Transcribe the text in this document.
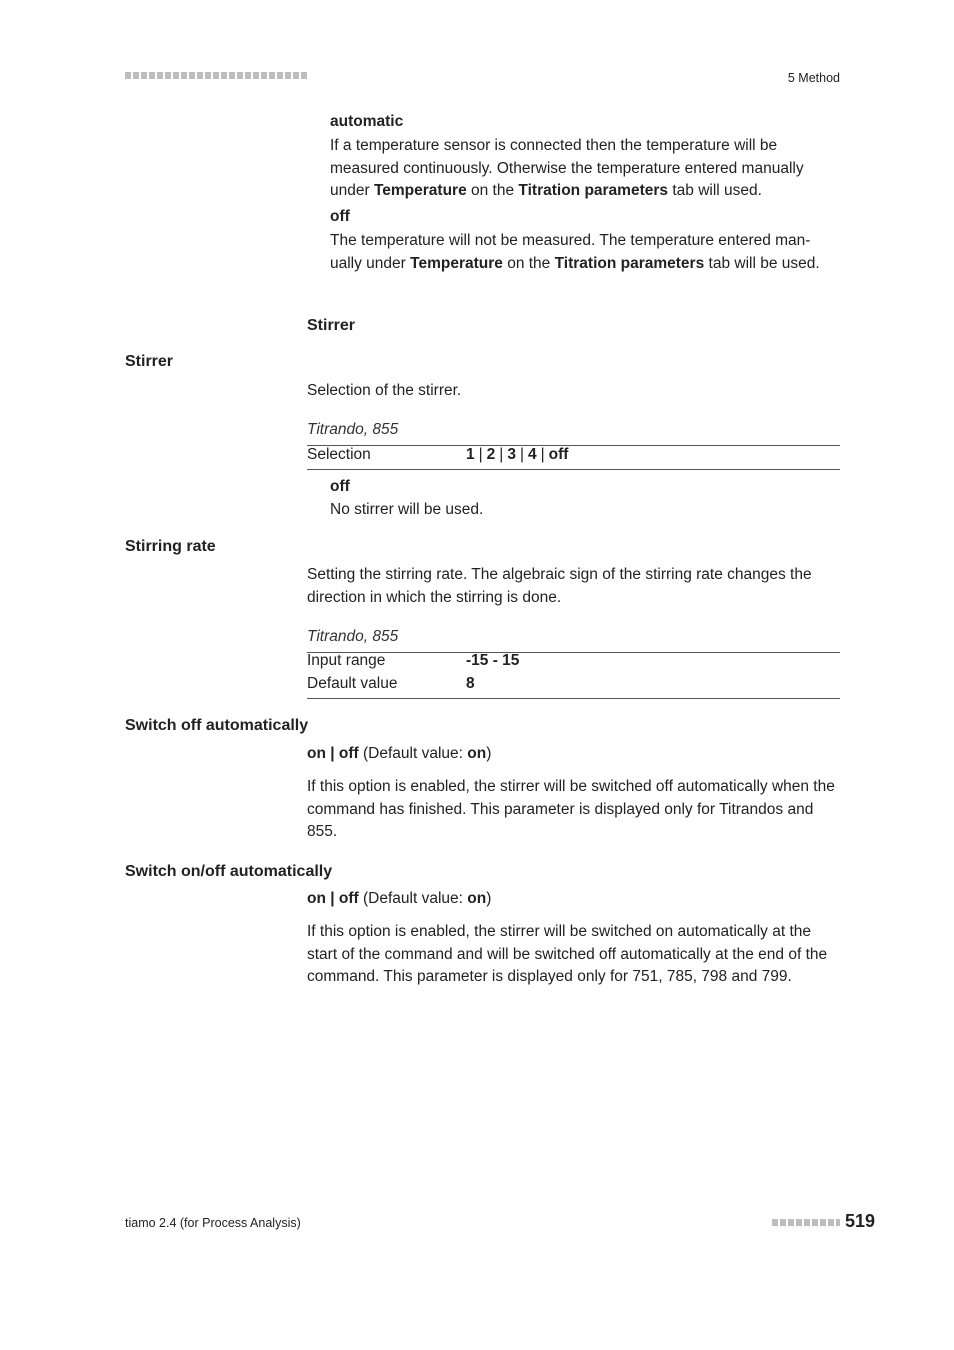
5 Method
automatic

If a temperature sensor is connected then the temperature will be measured continuously. Otherwise the temperature entered manually under Temperature on the Titration parameters tab will used.

off

The temperature will not be measured. The temperature entered man-ually under Temperature on the Titration parameters tab will be used.

Stirrer
Stirrer

Selection of the stirrer.

Titrando, 855
Selection	1 | 2 | 3 | 4 | off
off
No stirrer will be used.
Stirring rate

Setting the stirring rate. The algebraic sign of the stirring rate changes the direction in which the stirring is done.

Titrando, 855
Input range	-15 - 15
Default value	8
Switch off automatically
on | off (Default value: on)

If this option is enabled, the stirrer will be switched off automatically when the command has finished. This parameter is displayed only for Titrandos and 855.

Switch on/off automatically
on | off (Default value: on)

If this option is enabled, the stirrer will be switched on automatically at the start of the command and will be switched off automatically at the end of the command. This parameter is displayed only for 751, 785, 798 and 799.

tiamo 2.4 (for Process Analysis)	519
